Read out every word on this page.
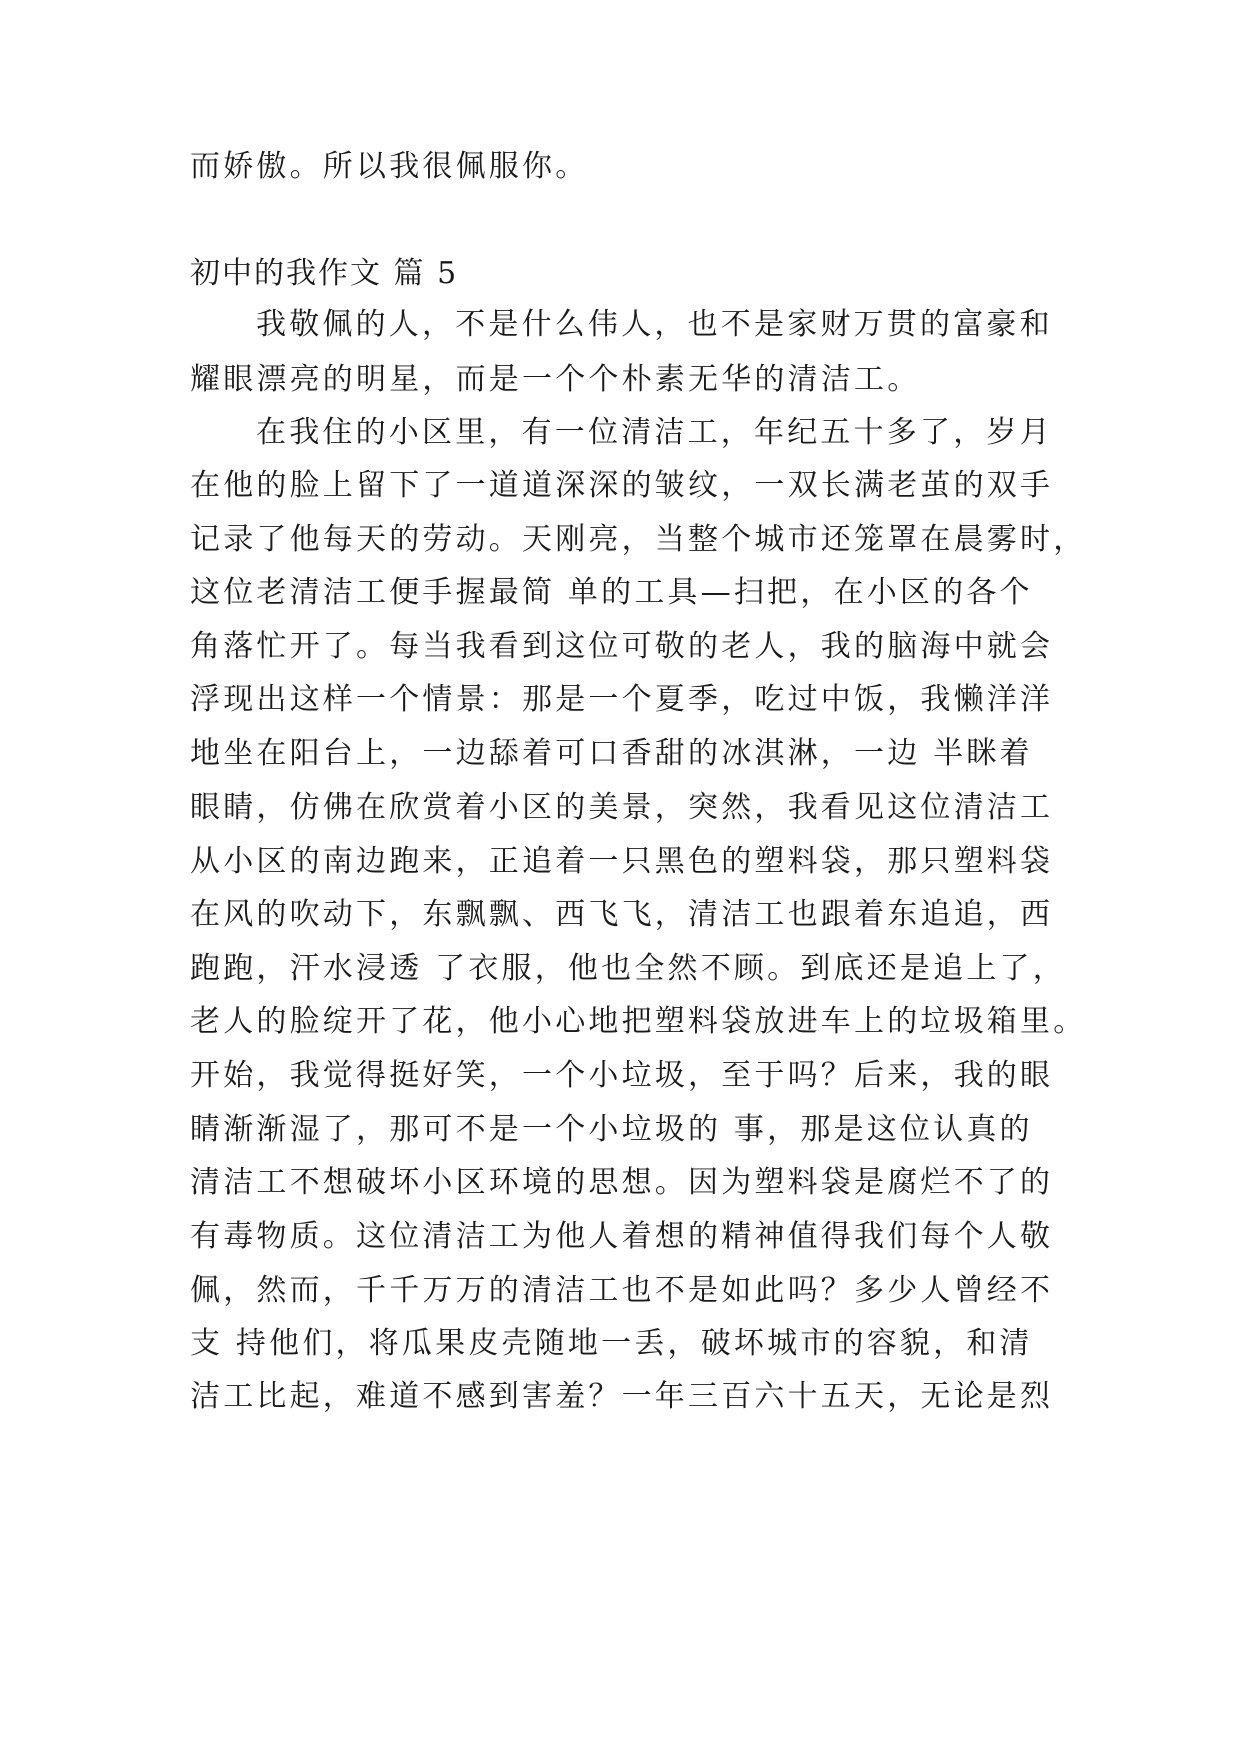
而娇傲。所以我很佩服你。
初中的我作文 篇 5
我敬佩的人，不是什么伟人，也不是家财万贯的富豪和
耀眼漂亮的明星，而是一个个朴素无华的清洁工。
在我住的小区里，有一位清洁工，年纪五十多了，岁月
在他的脸上留下了一道道深深的皱纹，一双长满老茧的双手
记录了他每天的劳动。天刚亮，当整个城市还笼罩在晨雾时，
这位老清洁工便手握最简 单的工具—扫把，在小区的各个
角落忙开了。每当我看到这位可敬的老人，我的脑海中就会
浮现出这样一个情景：那是一个夏季，吃过中饭，我懒洋洋
地坐在阳台上，一边舔着可口香甜的冰淇淋，一边 半眯着
眼睛，仿佛在欣赏着小区的美景，突然，我看见这位清洁工
从小区的南边跑来，正追着一只黑色的塑料袋，那只塑料袋
在风的吹动下，东飘飘、西飞飞，清洁工也跟着东追追，西
跑跑，汗水浸透 了衣服，他也全然不顾。到底还是追上了，
老人的脸绽开了花，他小心地把塑料袋放进车上的垃圾箱里。
开始，我觉得挺好笑，一个小垃圾，至于吗？后来，我的眼
睛渐渐湿了，那可不是一个小垃圾的 事，那是这位认真的
清洁工不想破坏小区环境的思想。因为塑料袋是腐烂不了的
有毒物质。这位清洁工为他人着想的精神值得我们每个人敬
佩，然而，千千万万的清洁工也不是如此吗？多少人曾经不
支 持他们，将瓜果皮壳随地一丢，破坏城市的容貌，和清
洁工比起，难道不感到害羞？一年三百六十五天，无论是烈
